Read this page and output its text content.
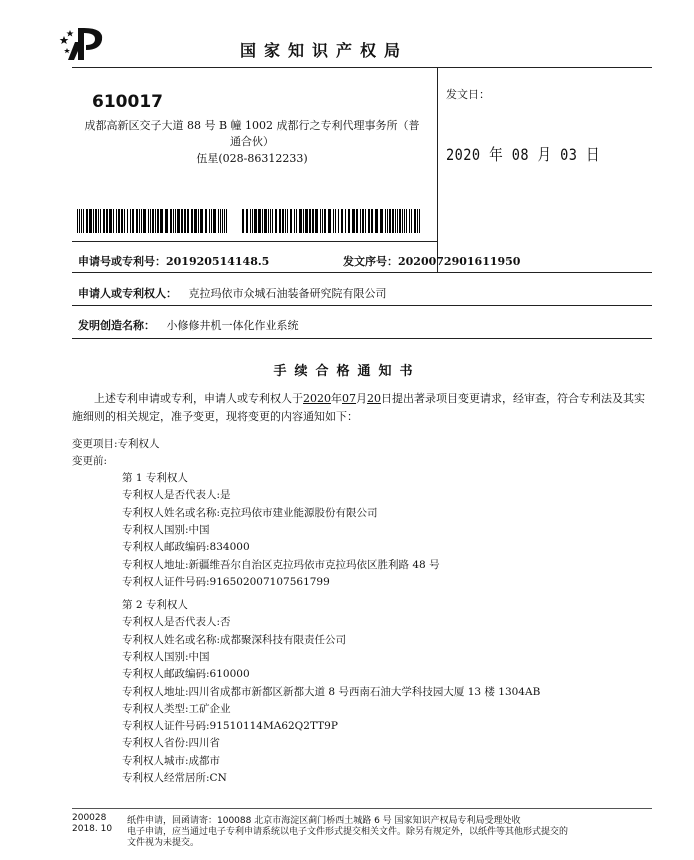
国家知识产权局
610017
成都高新区交子大道 88 号 B 幢 1002 成都行之专利代理事务所（普通合伙）
伍星(028-86312233)
发文日：
2020 年 08 月 03 日
申请号或专利号：201920514148.5	发文序号：2020072901611950
申请人或专利权人： 克拉玛依市众城石油装备研究院有限公司
发明创造名称： 小修修井机一体化作业系统
手续合格通知书
上述专利申请或专利，申请人或专利权人于2020年07月20日提出著录项目变更请求，经审查，符合专利法及其实施细则的相关规定，准予变更，现将变更的内容通知如下：
变更项目:专利权人
变更前:
第 1 专利权人
专利权人是否代表人:是
专利权人姓名或名称:克拉玛依市建业能源股份有限公司
专利权人国别:中国
专利权人邮政编码:834000
专利权人地址:新疆维吾尔自治区克拉玛依市克拉玛依区胜利路 48 号
专利权人证件号码:916502007107561799
第 2 专利权人
专利权人是否代表人:否
专利权人姓名或名称:成都聚深科技有限责任公司
专利权人国别:中国
专利权人邮政编码:610000
专利权人地址:四川省成都市新都区新都大道 8 号西南石油大学科技园大厦 13 楼 1304AB
专利权人类型:工矿企业
专利权人证件号码:91510114MA62Q2TT9P
专利权人省份:四川省
专利权人城市:成都市
专利权人经常居所:CN
200028
2018. 10
纸件申请，回函请寄：100088 北京市海淀区蓟门桥西土城路 6 号 国家知识产权局专利局受理处收
电子申请，应当通过电子专利申请系统以电子文件形式提交相关文件。除另有规定外，以纸件等其他形式提交的
文件视为未提交。
